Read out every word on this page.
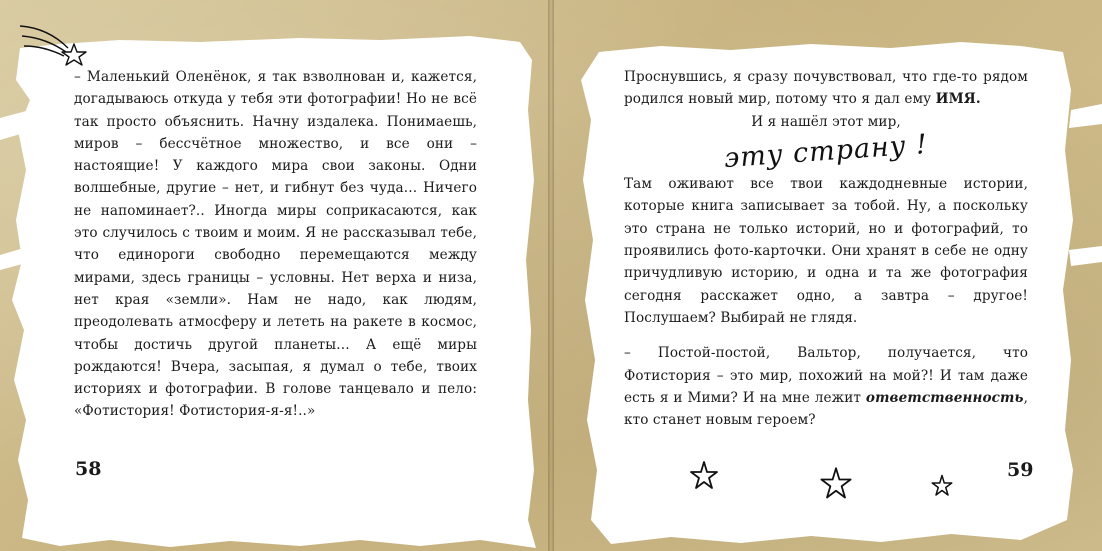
– Маленький Оленёнок, я так взволнован и, кажется, догадываюсь откуда у тебя эти фотографии! Но не всё так просто объяснить. Начну издалека. Понимаешь, миров – бессчётное множество, и все они – настоящие! У каждого мира свои законы. Одни волшебные, другие – нет, и гибнут без чуда… Ничего не напоминает?.. Иногда миры соприкасаются, как это случилось с твоим и моим. Я не рассказывал тебе, что единороги свободно перемещаются между мирами, здесь границы – условны. Нет верха и низа, нет края «земли». Нам не надо, как людям, преодолевать атмосферу и лететь на ракете в космос, чтобы достичь другой планеты… А ещё миры рождаются! Вчера, засыпая, я думал о тебе, твоих историях и фотографии. В голове танцевало и пело: «Фотистория! Фотистория-я-я!..»

58

Проснувшись, я сразу почувствовал, что где-то рядом родился новый мир, потому что я дал ему ИМЯ.

И я нашёл этот мир,

эту страну !

Там оживают все твои каждодневные истории, которые книга записывает за тобой. Ну, а поскольку это страна не только историй, но и фотографий, то проявились фото-карточки. Они хранят в себе не одну причудливую историю, и одна и та же фотография сегодня расскажет одно, а завтра – другое! Послушаем? Выбирай не глядя.

– Постой-постой, Вальтор, получается, что Фотистория – это мир, похожий на мой?! И там даже есть я и Мими? И на мне лежит ответственность, кто станет новым героем?

59
